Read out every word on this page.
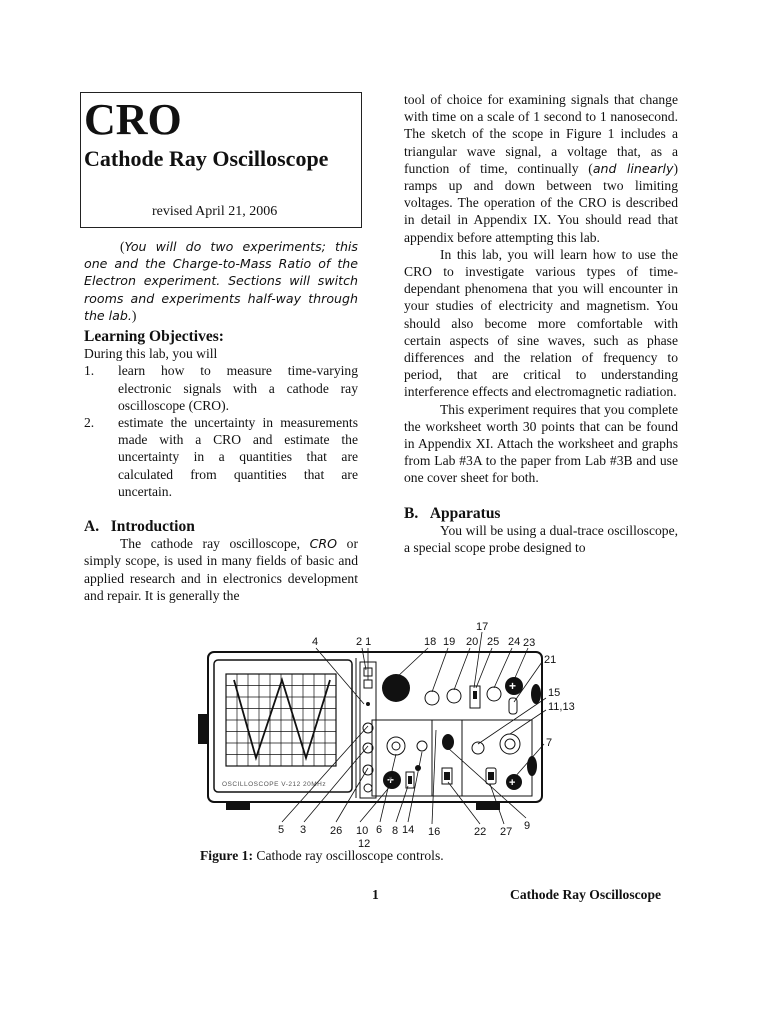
CRO
Cathode Ray Oscilloscope
revised April 21, 2006

(You will do two experiments; this one and the Charge-to-Mass Ratio of the Electron experiment. Sections will switch rooms and experiments half-way through the lab.)

Learning Objectives:

During this lab, you will

1. learn how to measure time-varying electronic signals with a cathode ray oscilloscope (CRO).
2. estimate the uncertainty in measurements made with a CRO and estimate the uncertainty in a quantities that are calculated from quantities that are uncertain.
A.   Introduction

The cathode ray oscilloscope, CRO or simply scope, is used in many fields of basic and applied research and in electronics development and repair. It is generally the

tool of choice for examining signals that change with time on a scale of 1 second to 1 nanosecond. The sketch of the scope in Figure 1 includes a triangular wave signal, a voltage that, as a function of time, continually (and linearly) ramps up and down between two limiting voltages. The operation of the CRO is described in detail in Appendix IX. You should read that appendix before attempting this lab.

In this lab, you will learn how to use the CRO to investigate various types of time-dependant phenomena that you will encounter in your studies of electricity and magnetism. You should also become more comfortable with certain aspects of sine waves, such as phase differences and the relation of frequency to period, that are critical to understanding interference effects and electromagnetic radiation.

This experiment requires that you complete the worksheet worth 30 points that can be found in Appendix XI. Attach the worksheet and graphs from Lab #3A to the paper from Lab #3B and use one cover sheet for both.

B.   Apparatus

You will be using a dual-trace oscilloscope, a special scope probe designed to

OSCILLOSCOPE V-212 20MHz
+
+	+
4	2 1	18 19 20 25 24 23
17
21
15
11,13
7
5 3 26 10 6 8 14 16	22 27 9
12
Figure 1: Cathode ray oscilloscope controls.
1	Cathode Ray Oscilloscope
